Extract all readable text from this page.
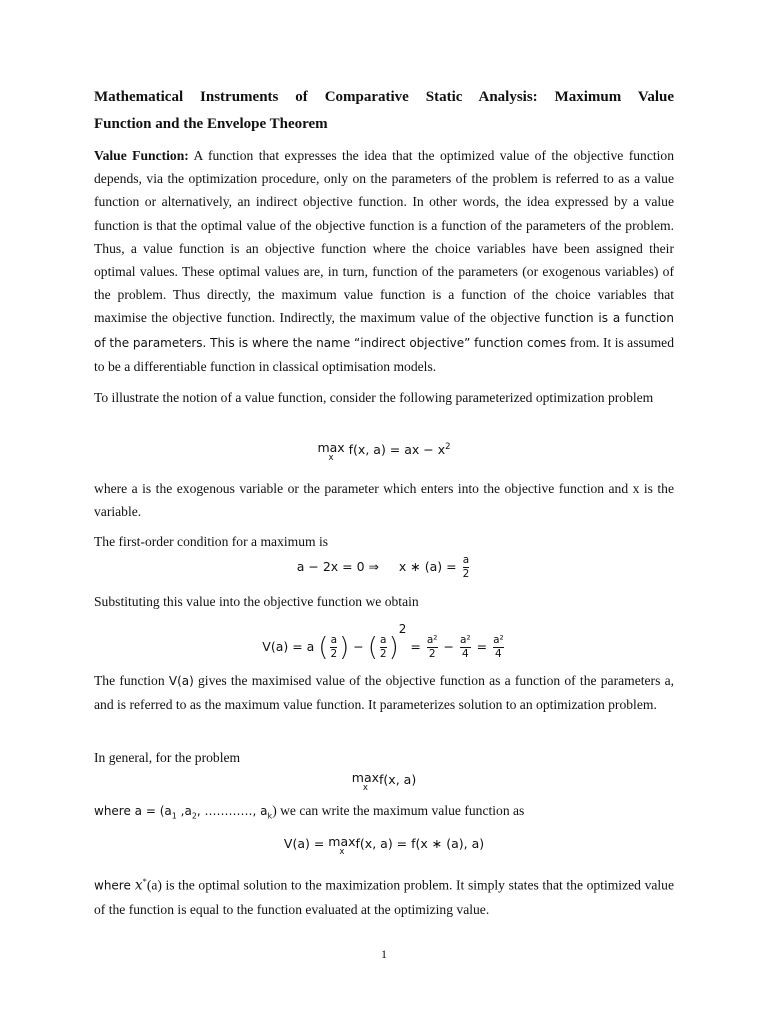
Mathematical Instruments of Comparative Static Analysis: Maximum Value
Function and the Envelope Theorem

Value Function: A function that expresses the idea that the optimized value of the objective function depends, via the optimization procedure, only on the parameters of the problem is referred to as a value function or alternatively, an indirect objective function. In other words, the idea expressed by a value function is that the optimal value of the objective function is a function of the parameters of the problem. Thus, a value function is an objective function where the choice variables have been assigned their optimal values. These optimal values are, in turn, function of the parameters (or exogenous variables) of the problem. Thus directly, the maximum value function is a function of the choice variables that maximise the objective function. Indirectly, the maximum value of the objective function is a function of the parameters. This is where the name “indirect objective” function comes from. It is assumed to be a differentiable function in classical optimisation models.

To illustrate the notion of a value function, consider the following parameterized optimization problem

max
x
f(x, a) = ax − $x^2$

where a is the exogenous variable or the parameter which enters into the objective function and x is the variable.

The first-order condition for a maximum is

a − 2x = 0 ⇒ x ∗ $(a) = \frac{a}{2}$

Substituting this value into the objective function we obtain

V(a) = a ( $\frac{a}{2}$ ) − ( $\frac{a}{2} )^2 = \frac{\text{a²}}{2} - \frac{\text{a²}}{4} = \frac{\text{a²}}{4}$

The function V(a) gives the maximised value of the objective function as a function of the parameters a, and is referred to as the maximum value function. It parameterizes solution to an optimization problem.

In general, for the problem

max
x
f(x, a)

where $a = (a_1$ $,a_2$, …………, $a_k$) we can write the maximum value function as

V(a) = max
x
f(x, a) = f(x ∗ (a), a)

where x*(a) is the optimal solution to the maximization problem. It simply states that the optimized value of the function is equal to the function evaluated at the optimizing value.

1
